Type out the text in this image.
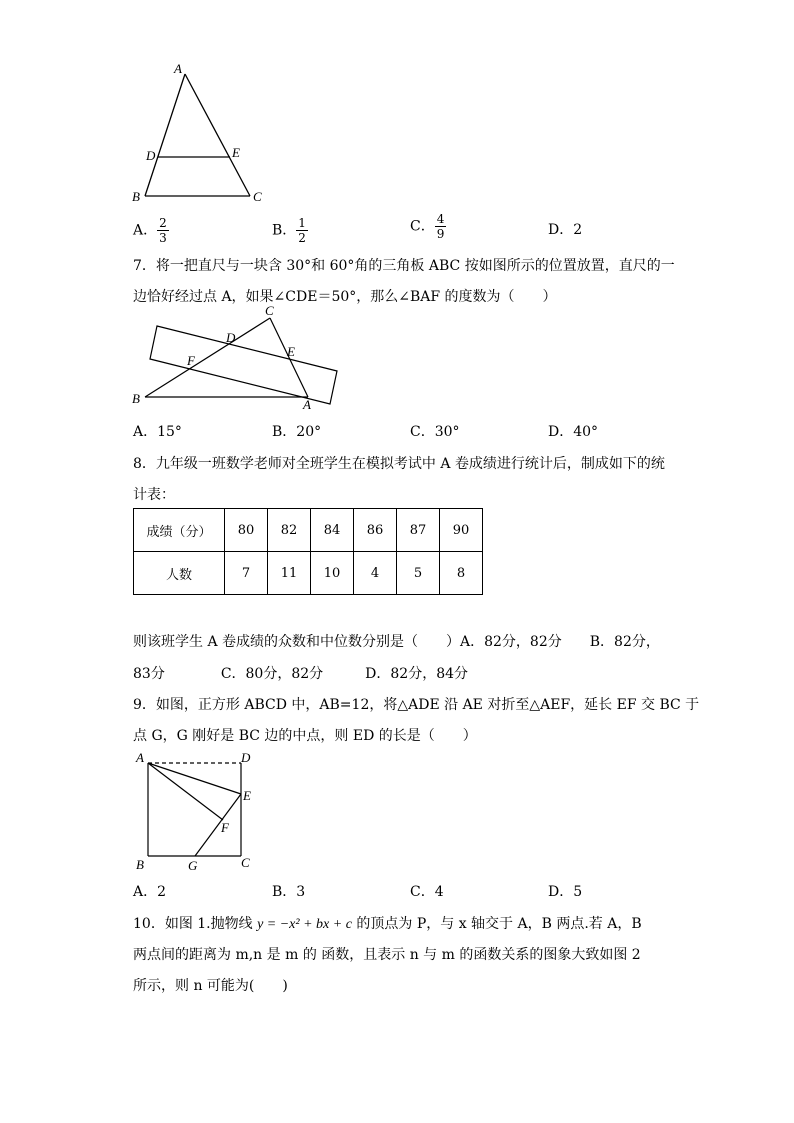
A
D	E
B	C
A． $\frac{2}{3}$	B． $\frac{1}{2}$	C． $\frac{4}{9}$	D．2
7．将一把直尺与一块含 30°和 60°角的三角板 ABC 按如图所示的位置放置，直尺的一
边恰好经过点 A，如果∠CDE＝50°，那么∠BAF 的度数为（　　）
C
D
E
F
B	A
A．15°	B．20°	C．30°	D．40°
8．九年级一班数学老师对全班学生在模拟考试中 A 卷成绩进行统计后，制成如下的统
计表：
成绩（分）	80	82	84	86	87	90
人数	7	11	10	4	5	8
则该班学生 A 卷成绩的众数和中位数分别是（　　）A．82分，82分　　B．82分，
83分　　　　C．80分，82分　　　D．82分，84分
9．如图，正方形 ABCD 中，AB=12，将△ADE 沿 AE 对折至△AEF，延长 EF 交 BC 于
点 G，G 刚好是 BC 边的中点，则 ED 的长是（　　）
A	D
E
F
B	G	C
A．2	B．3	C．4	D．5
10．如图 1.抛物线 y = −x² + bx + c 的顶点为 P，与 x 轴交于 A，B 两点.若 A，B
两点间的距离为 m,n 是 m 的 函数，且表示 n 与 m 的函数关系的图象大致如图 2
所示，则 n 可能为(　　)
